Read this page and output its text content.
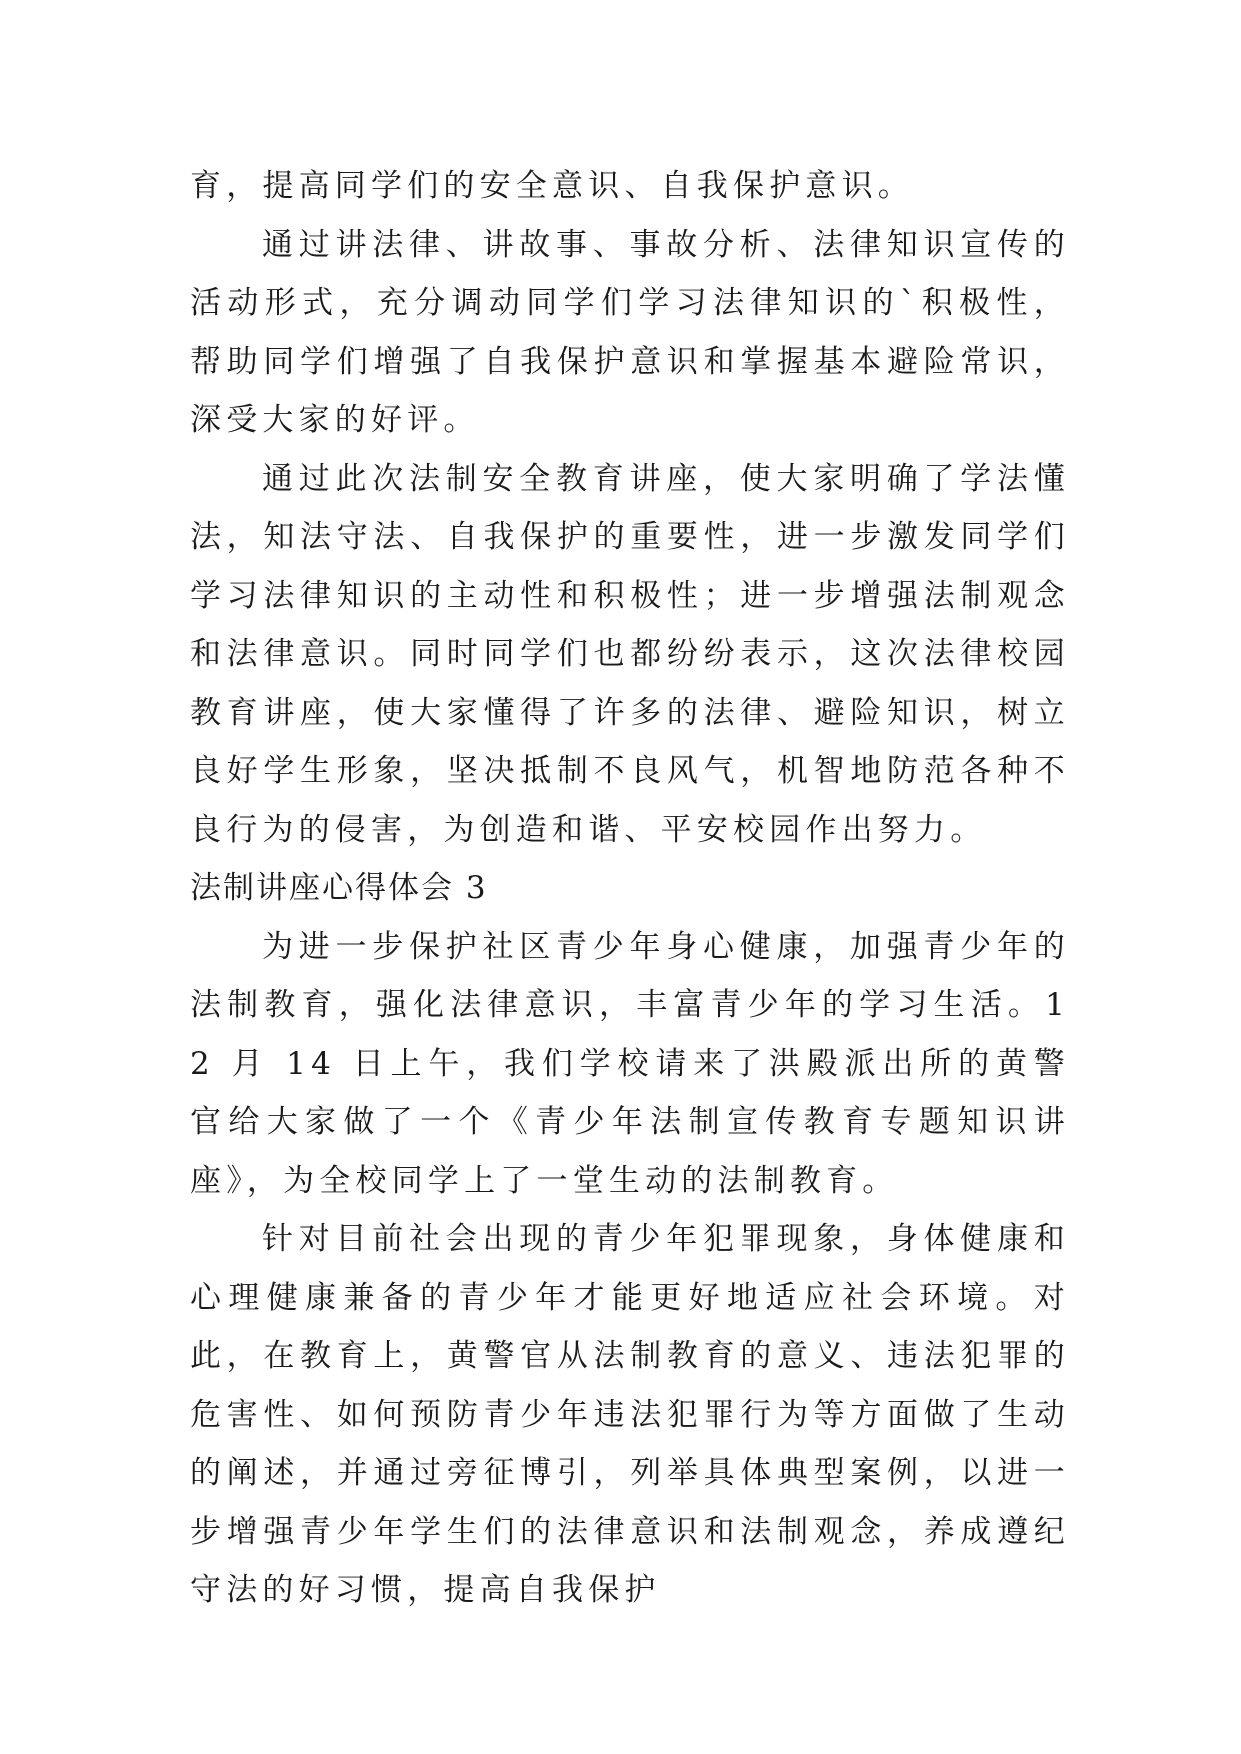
育，提高同学们的安全意识、自我保护意识。

通过讲法律、讲故事、事故分析、法律知识宣传的活动形式，充分调动同学们学习法律知识的`积极性，帮助同学们增强了自我保护意识和掌握基本避险常识，深受大家的好评。

通过此次法制安全教育讲座，使大家明确了学法懂法，知法守法、自我保护的重要性，进一步激发同学们学习法律知识的主动性和积极性；进一步增强法制观念和法律意识。同时同学们也都纷纷表示，这次法律校园教育讲座，使大家懂得了许多的法律、避险知识，树立良好学生形象，坚决抵制不良风气，机智地防范各种不良行为的侵害，为创造和谐、平安校园作出努力。

法制讲座心得体会 3

为进一步保护社区青少年身心健康，加强青少年的法制教育，强化法律意识，丰富青少年的学习生活。12 月 14 日上午，我们学校请来了洪殿派出所的黄警官给大家做了一个《青少年法制宣传教育专题知识讲座》，为全校同学上了一堂生动的法制教育。

针对目前社会出现的青少年犯罪现象，身体健康和心理健康兼备的青少年才能更好地适应社会环境。对此，在教育上，黄警官从法制教育的意义、违法犯罪的危害性、如何预防青少年违法犯罪行为等方面做了生动的阐述，并通过旁征博引，列举具体典型案例，以进一步增强青少年学生们的法律意识和法制观念，养成遵纪守法的好习惯，提高自我保护
